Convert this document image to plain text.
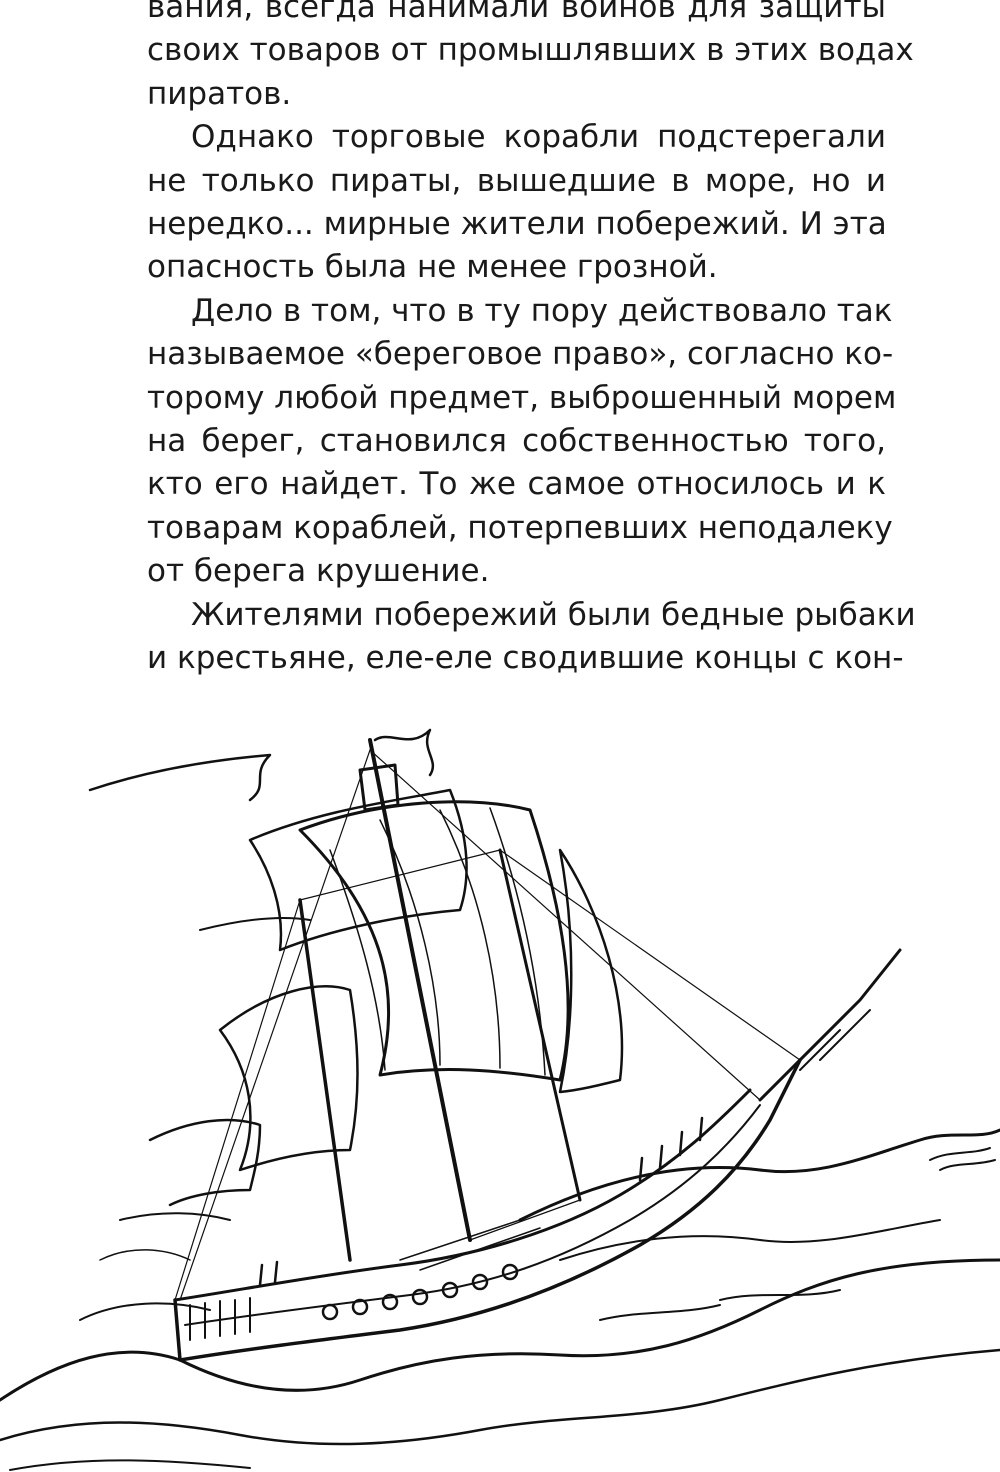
вания, всегда нанимали воинов для защиты
своих товаров от промышлявших в этих водах
пиратов.

Однако торговые корабли подстерегали
не только пираты, вышедшие в море, но и
нередко... мирные жители побережий. И эта
опасность была не менее грозной.

Дело в том, что в ту пору действовало так
называемое «береговое право», согласно ко-
торому любой предмет, выброшенный морем
на берег, становился собственностью того,
кто его найдет. То же самое относилось и к
товарам кораблей, потерпевших неподалеку
от берега крушение.

Жителями побережий были бедные рыбаки
и крестьяне, еле-еле сводившие концы с кон-
